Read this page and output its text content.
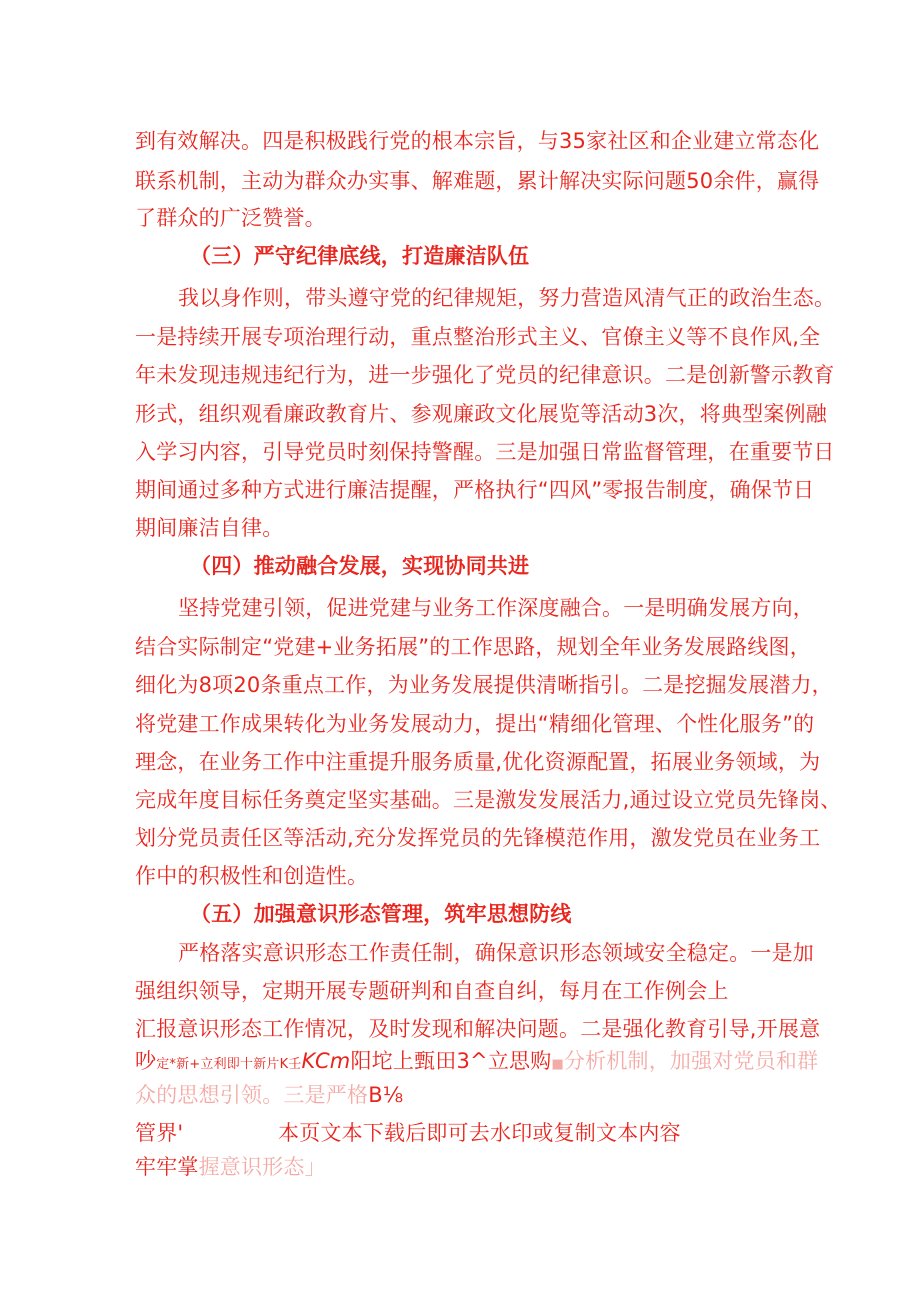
到有效解决。四是积极践行党的根本宗旨，与35家社区和企业建立常态化
联系机制，主动为群众办实事、解难题，累计解决实际问题50余件，赢得
了群众的广泛赞誉。
（三）严守纪律底线，打造廉洁队伍
我以身作则，带头遵守党的纪律规矩，努力营造风清气正的政治生态。
一是持续开展专项治理行动，重点整治形式主义、官僚主义等不良作风,全
年未发现违规违纪行为，进一步强化了党员的纪律意识。二是创新警示教育
形式，组织观看廉政教育片、参观廉政文化展览等活动3次，将典型案例融
入学习内容，引导党员时刻保持警醒。三是加强日常监督管理，在重要节日
期间通过多种方式进行廉洁提醒，严格执行“四风”零报告制度，确保节日
期间廉洁自律。
（四）推动融合发展，实现协同共进
坚持党建引领，促进党建与业务工作深度融合。一是明确发展方向，
结合实际制定“党建+业务拓展”的工作思路，规划全年业务发展路线图，
细化为8项20条重点工作，为业务发展提供清晰指引。二是挖掘发展潜力，
将党建工作成果转化为业务发展动力，提出“精细化管理、个性化服务”的
理念，在业务工作中注重提升服务质量,优化资源配置，拓展业务领域，为
完成年度目标任务奠定坚实基础。三是激发发展活力,通过设立党员先锋岗、
划分党员责任区等活动,充分发挥党员的先锋模范作用，激发党员在业务工
作中的积极性和创造性。
（五）加强意识形态管理，筑牢思想防线
严格落实意识形态工作责任制，确保意识形态领域安全稳定。一是加
强组织领导，定期开展专题研判和自查自纠，每月在工作例会上
汇报意识形态工作情况，及时发现和解决问题。二是强化教育引导,开展意
吵定*新+立利即十新片K壬KCm阳坨上甄田3^立思购■分析机制，加强对党员和群
众的思想引领。三是严格B⅛
管界'	本页文本下载后即可去水印或复制文本内容
牢牢掌握意识形态」
